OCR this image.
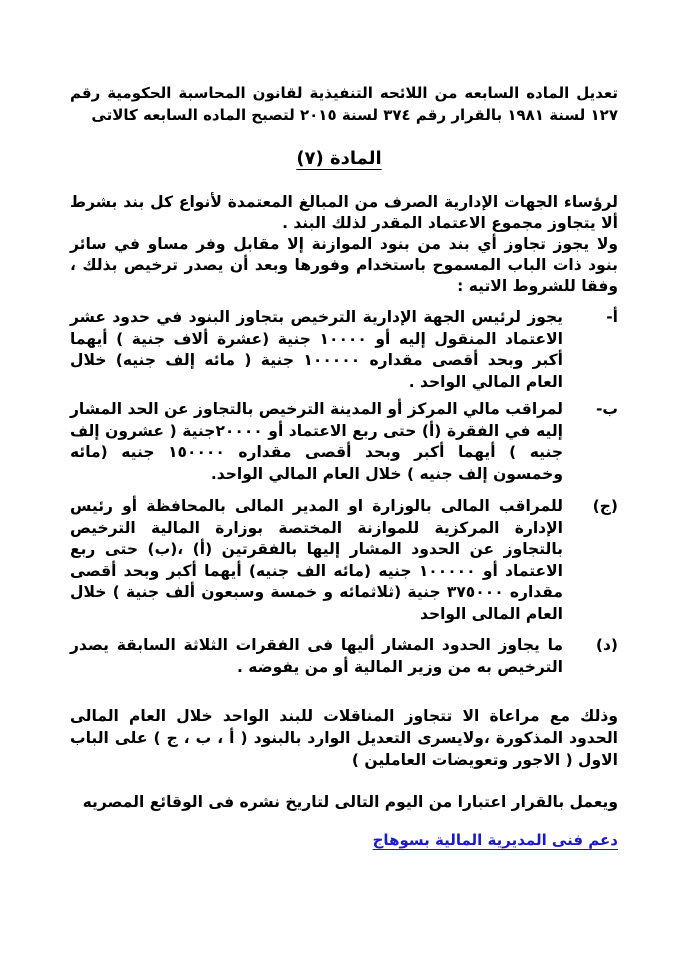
تعديل الماده السابعه من اللائحه التنفيذية لقانون المحاسبة الحكومية رقم ١٢٧ لسنة ١٩٨١ بالقرار رقم ٣٧٤ لسنة ٢٠١٥ لتصبح الماده السابعه كالاتى
المادة (٧)
لرؤساء الجهات الإدارية الصرف من المبالغ المعتمدة لأنواع كل بند بشرط ألا يتجاوز مجموع الاعتماد المقدر لذلك البند .
ولا يجوز تجاوز أي بند من بنود الموازنة إلا مقابل وفر مساو في سائر بنود ذات الباب المسموح باستخدام وفورها وبعد أن يصدر ترخيص بذلك ، وفقا للشروط الاتيه :
أ-
يجوز لرئيس الجهة الإدارية الترخيص بتجاوز البنود في حدود عشر الاعتماد المنقول إليه أو ١٠٠٠٠ جنية (عشرة ألاف جنية ) أيهما أكبر وبحد أقصى مقداره ١٠٠٠٠٠ جنية ( مائه إلف جنيه) خلال العام المالي الواحد .
ب-
لمراقب مالي المركز أو المدينة الترخيص بالتجاوز عن الحد المشار إليه في الفقرة (أ) حتى ربع الاعتماد أو ٢٠٠٠٠جنية ( عشرون إلف جنيه ) أيهما أكبر وبحد أقصى مقداره ١٥٠٠٠٠ جنيه (مائه وخمسون إلف جنيه ) خلال العام المالي الواحد.
(ج)
للمراقب المالى بالوزارة او المدير المالى بالمحافظة أو رئيس الإدارة المركزية للموازنة المختصة بوزارة المالية الترخيص بالتجاوز عن الحدود المشار إليها بالفقرتين (أ) ،(ب) حتى ربع الاعتماد أو ١٠٠٠٠٠ جنيه (مائه الف جنيه) أيهما أكبر وبحد أقصى مقداره ٣٧٥٠٠٠ جنية (ثلاثمائه و خمسة وسبعون ألف جنية ) خلال العام المالى الواحد
(د)
ما يجاوز الحدود المشار أليها فى الفقرات الثلاثة السابقة يصدر الترخيص به من وزير المالية أو من يفوضه .
وذلك مع مراعاة الا تتجاوز المناقلات للبند الواحد خلال العام المالى الحدود المذكورة ،ولايسرى التعديل الوارد بالبنود ( أ ، ب ، ج ) على الباب الاول ( الاجور وتعويضات العاملين )
ويعمل بالقرار اعتبارا من اليوم التالى لتاريخ نشره فى الوقائع المصريه
دعم فنى المديرية المالية بسوهاج
